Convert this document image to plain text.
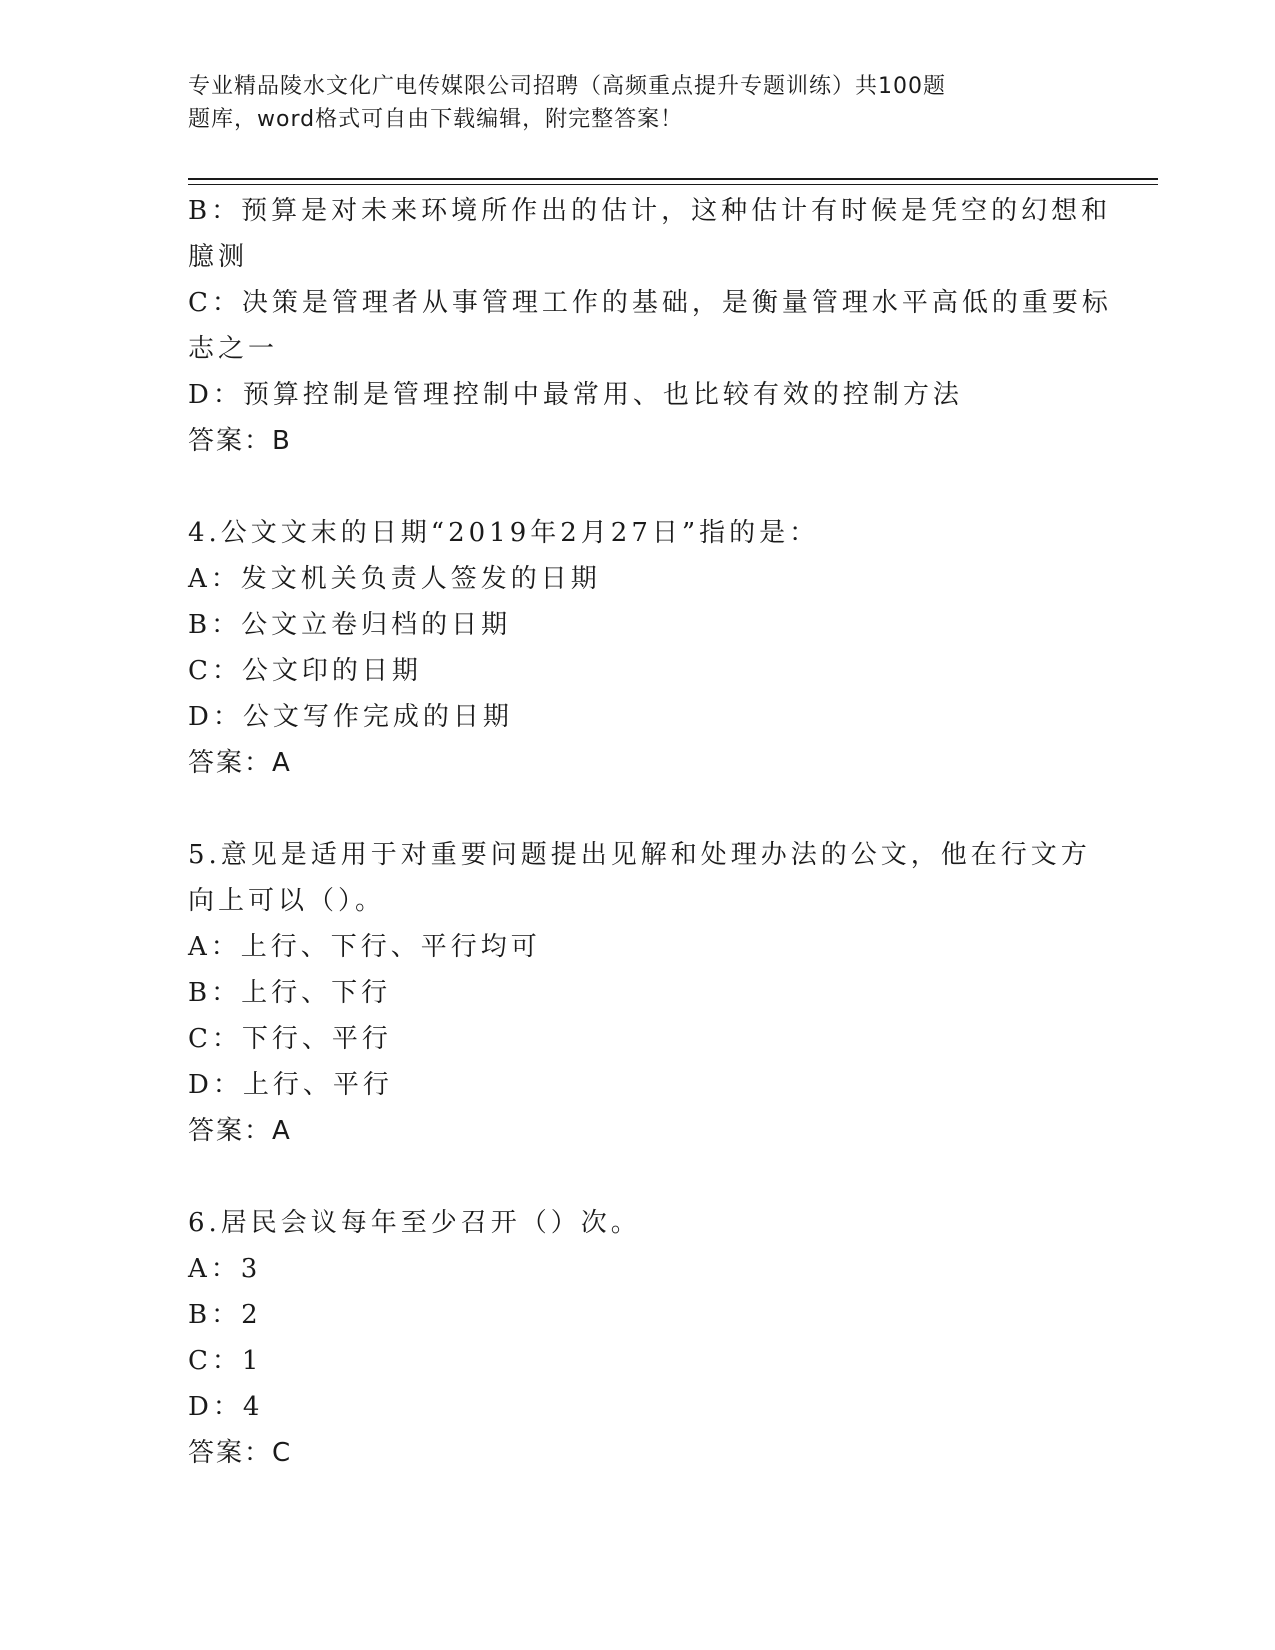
专业精品陵水文化广电传媒限公司招聘（高频重点提升专题训练）共100题
题库，word格式可自由下载编辑，附完整答案！
B：预算是对未来环境所作出的估计，这种估计有时候是凭空的幻想和
臆测
C：决策是管理者从事管理工作的基础，是衡量管理水平高低的重要标
志之一
D：预算控制是管理控制中最常用、也比较有效的控制方法
答案：B
4.公文文末的日期“2019年2月27日”指的是：
A：发文机关负责人签发的日期
B：公文立卷归档的日期
C：公文印的日期
D：公文写作完成的日期
答案：A
5.意见是适用于对重要问题提出见解和处理办法的公文，他在行文方
向上可以（）。
A：上行、下行、平行均可
B：上行、下行
C：下行、平行
D：上行、平行
答案：A
6.居民会议每年至少召开（）次。
A：3
B：2
C：1
D：4
答案：C
